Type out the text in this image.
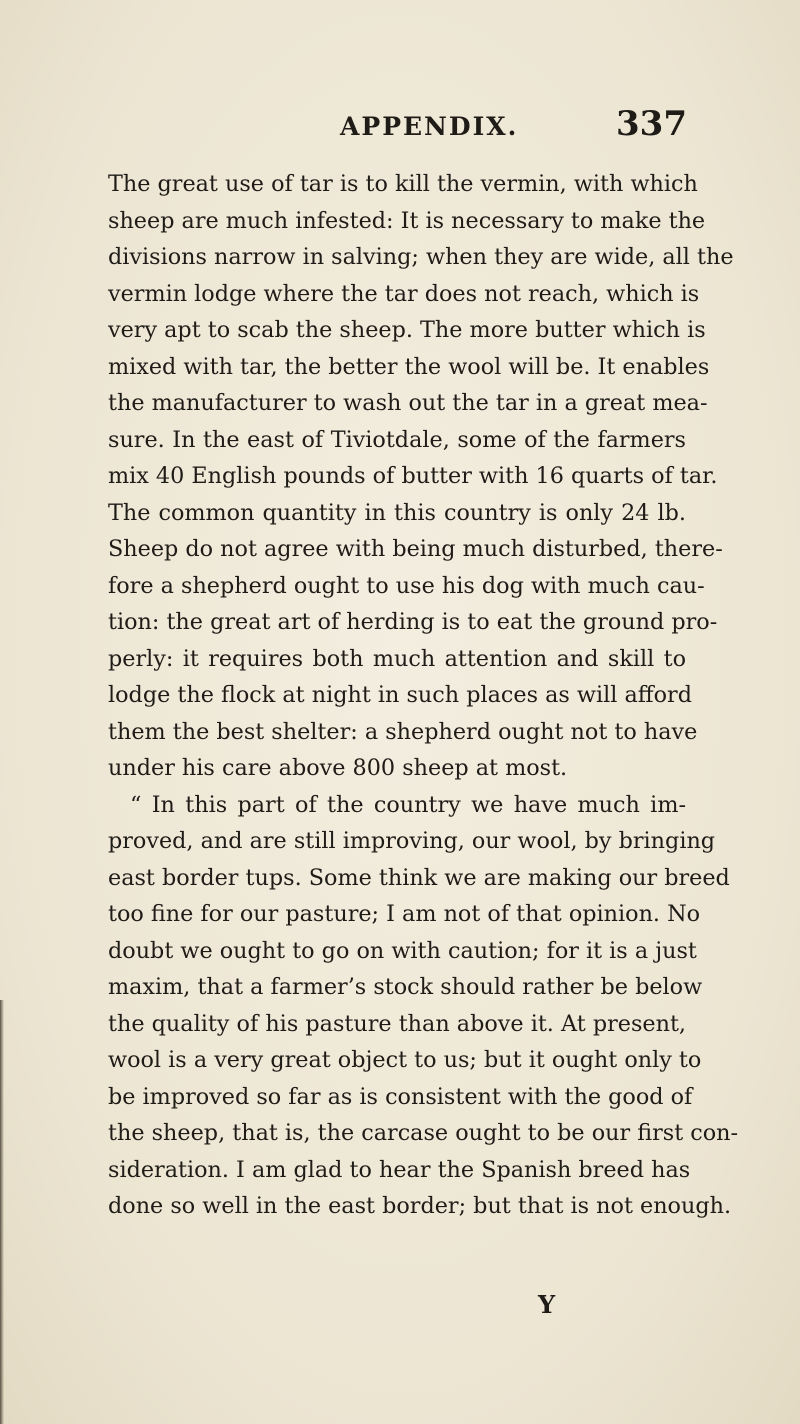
APPENDIX.	337
The great use of tar is to kill the vermin, with which
sheep are much infested: It is necessary to make the
divisions narrow in salving; when they are wide, all the
vermin lodge where the tar does not reach, which is
very apt to scab the sheep. The more butter which is
mixed with tar, the better the wool will be. It enables
the manufacturer to wash out the tar in a great mea-
sure. In the east of Tiviotdale, some of the farmers
mix 40 English pounds of butter with 16 quarts of tar.
The common quantity in this country is only 24 lb.
Sheep do not agree with being much disturbed, there-
fore a shepherd ought to use his dog with much cau-
tion: the great art of herding is to eat the ground pro-
perly: it requires both much attention and skill to
lodge the flock at night in such places as will afford
them the best shelter: a shepherd ought not to have
under his care above 800 sheep at most.
“ In this part of the country we have much im-
proved, and are still improving, our wool, by bringing
east border tups. Some think we are making our breed
too fine for our pasture; I am not of that opinion. No
doubt we ought to go on with caution; for it is a just
maxim, that a farmer’s stock should rather be below
the quality of his pasture than above it. At present,
wool is a very great object to us; but it ought only to
be improved so far as is consistent with the good of
the sheep, that is, the carcase ought to be our first con-
sideration. I am glad to hear the Spanish breed has
done so well in the east border; but that is not enough.
Y
